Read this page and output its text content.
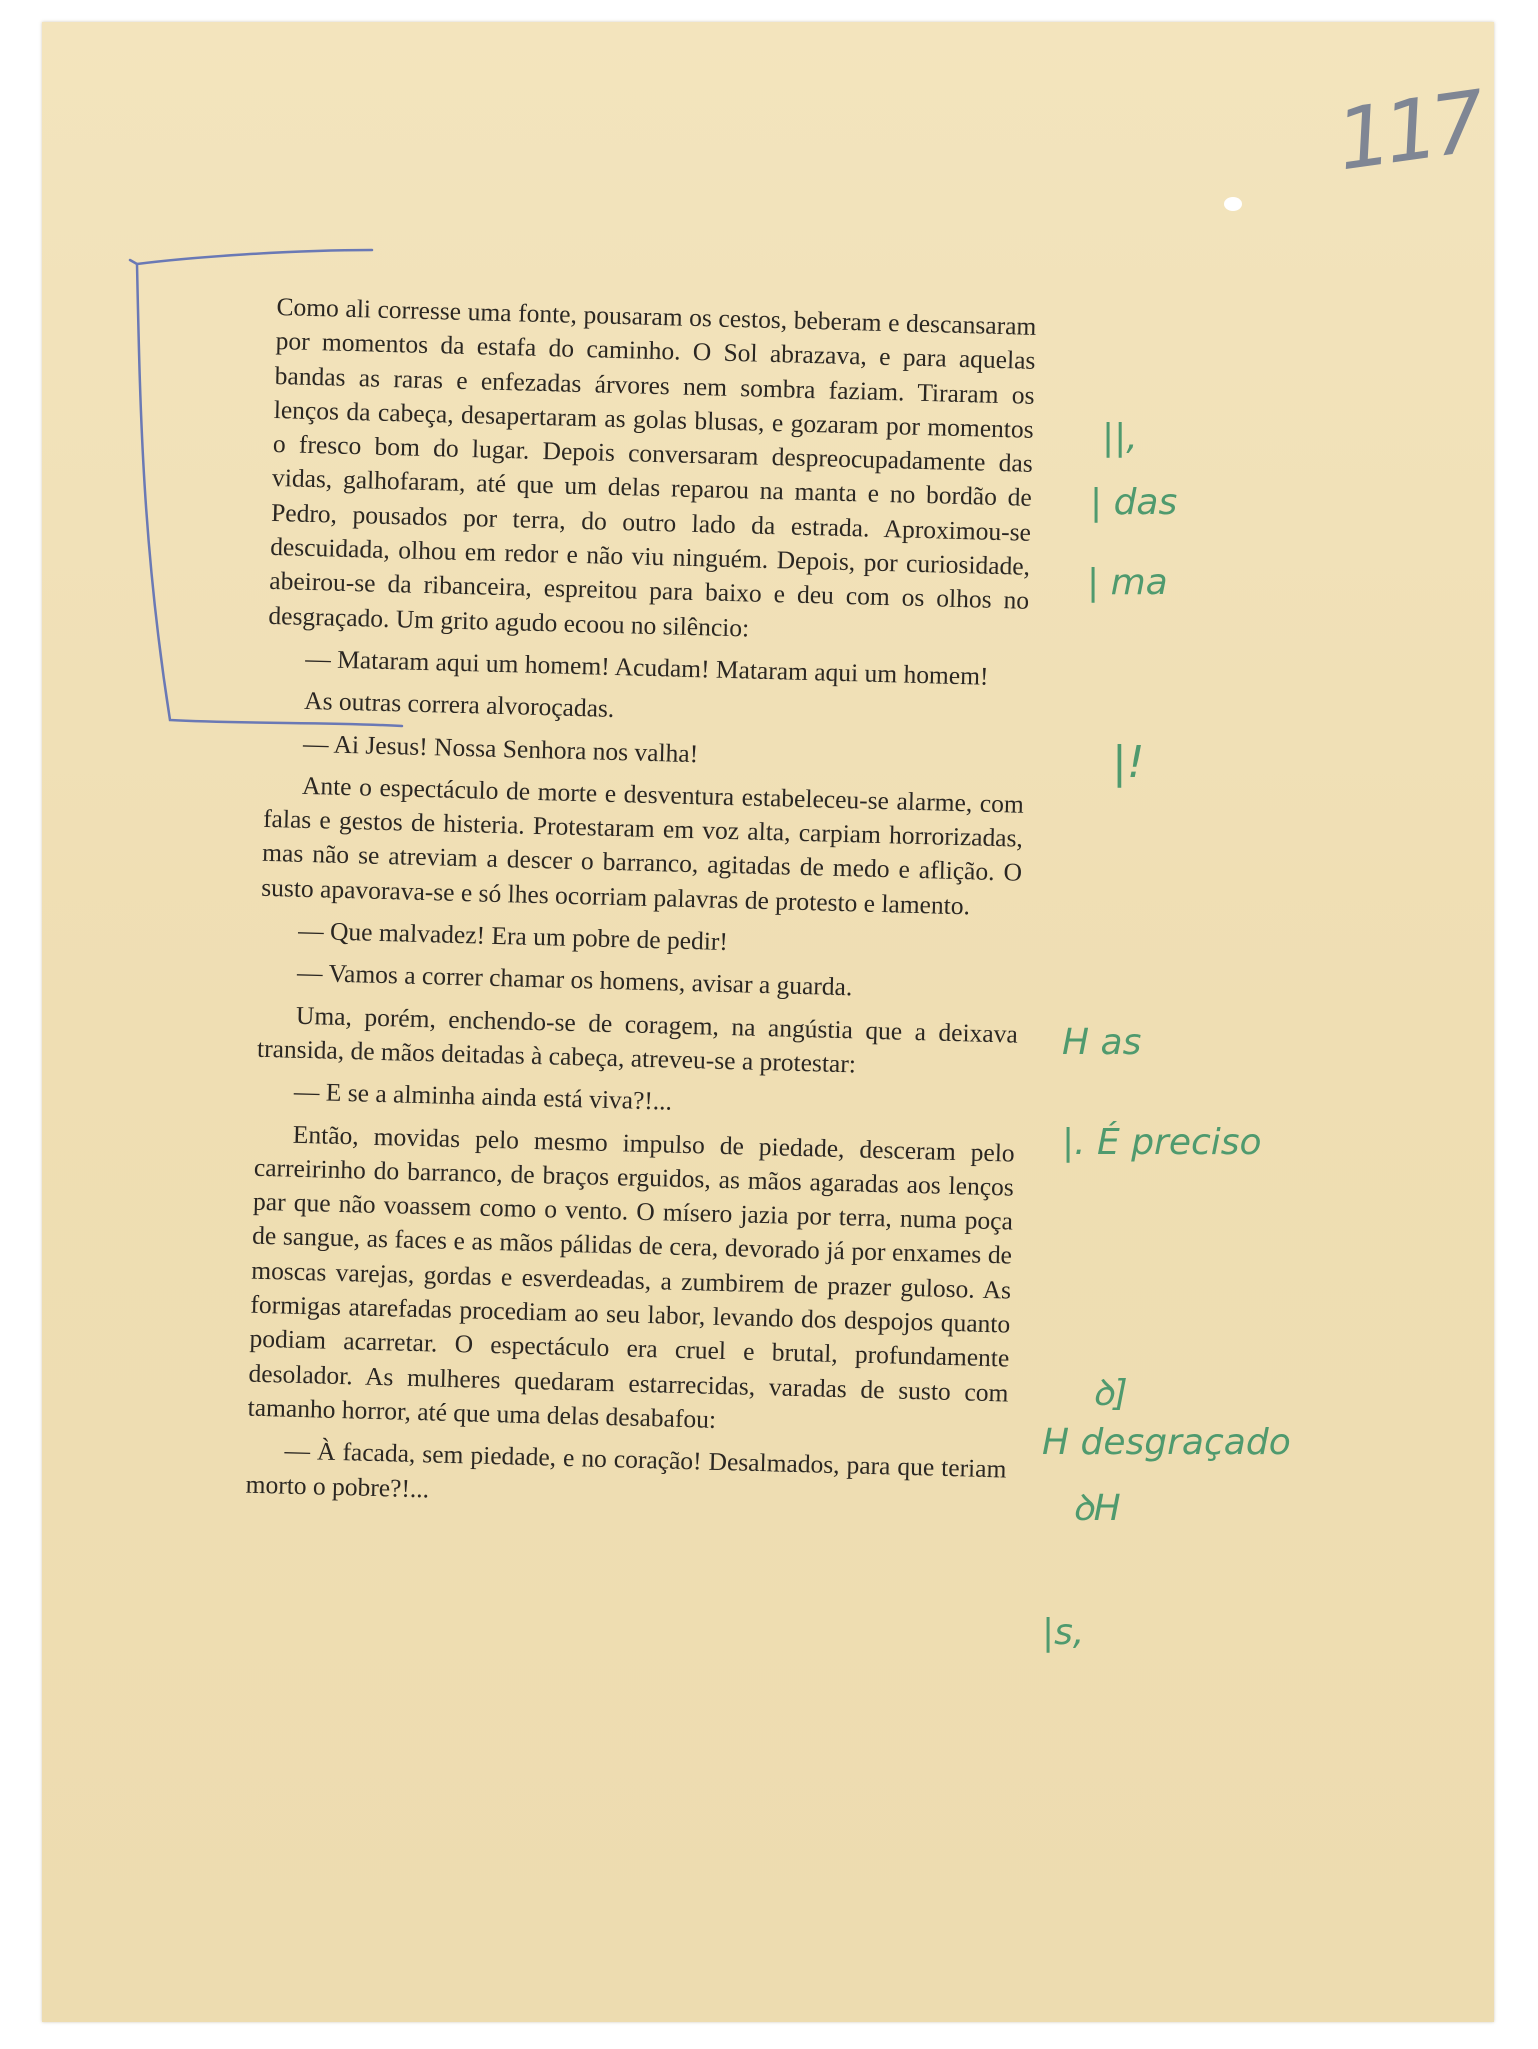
117

Como ali corresse uma fonte, pousaram os cestos, beberam e descansaram por momentos da estafa do caminho. O Sol abrazava, e para aquelas bandas as raras e enfezadas árvores nem sombra faziam. Tiraram os lenços da cabeça, desapertaram as golas blusas, e gozaram por momentos o fresco bom do lugar. Depois conversaram despreocupadamente das vidas, galhofaram, até que um delas reparou na manta e no bordão de Pedro, pousados por terra, do outro lado da estrada. Aproximou-se descuidada, olhou em redor e não viu ninguém. Depois, por curiosidade, abeirou-se da ribanceira, espreitou para baixo e deu com os olhos no desgraçado. Um grito agudo ecoou no silêncio:

— Mataram aqui um homem! Acudam! Mataram aqui um homem!

As outras correra alvoroçadas.

— Ai Jesus! Nossa Senhora nos valha!

Ante o espectáculo de morte e desventura estabeleceu-se alarme, com falas e gestos de histeria. Protestaram em voz alta, carpiam horrorizadas, mas não se atreviam a descer o barranco, agitadas de medo e aflição. O susto apavorava-se e só lhes ocorriam palavras de protesto e lamento.

— Que malvadez! Era um pobre de pedir!

— Vamos a correr chamar os homens, avisar a guarda.

Uma, porém, enchendo-se de coragem, na angústia que a deixava transida, de mãos deitadas à cabeça, atreveu-se a protestar:

— E se a alminha ainda está viva?!...

Então, movidas pelo mesmo impulso de piedade, desceram pelo carreirinho do barranco, de braços erguidos, as mãos agaradas aos lenços par que não voassem como o vento. O mísero jazia por terra, numa poça de sangue, as faces e as mãos pálidas de cera, devorado já por enxames de moscas varejas, gordas e esverdeadas, a zumbirem de prazer guloso. As formigas atarefadas procediam ao seu labor, levando dos despojos quanto podiam acarretar. O espectáculo era cruel e brutal, profundamente desolador. As mulheres quedaram estarrecidas, varadas de susto com tamanho horror, até que uma delas desabafou:

— À facada, sem piedade, e no coração! Desalmados, para que teriam morto o pobre?!...

||,
| das
| ma
|!
H as
|. É preciso
ꝺ]
H desgraçado
ꝺH
|s,
